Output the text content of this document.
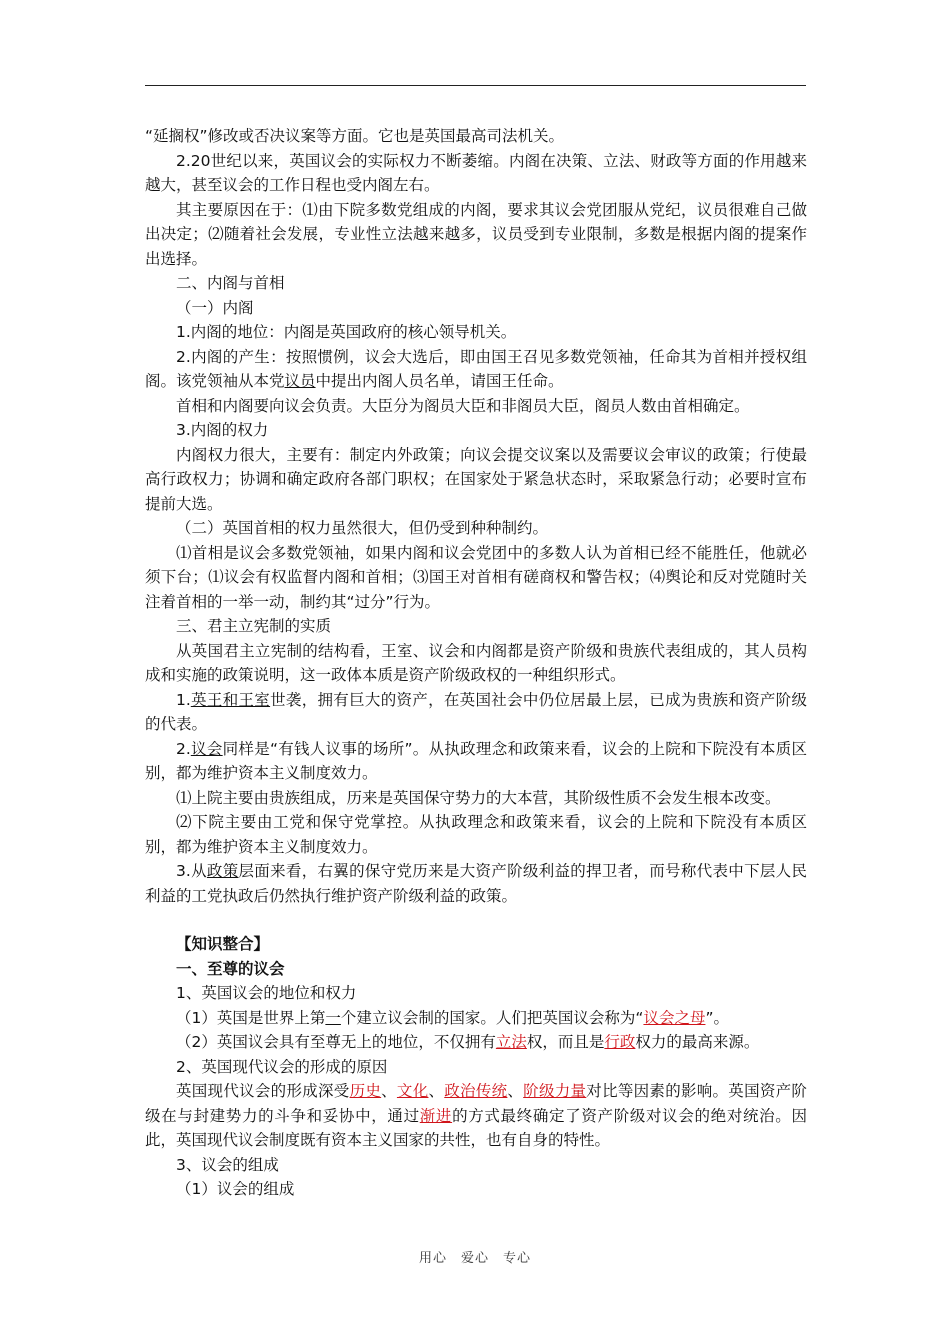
“延搁权”修改或否决议案等方面。它也是英国最高司法机关。

2.20世纪以来，英国议会的实际权力不断萎缩。内阁在决策、立法、财政等方面的作用越来越大，甚至议会的工作日程也受内阁左右。

其主要原因在于：⑴由下院多数党组成的内阁，要求其议会党团服从党纪，议员很难自己做出决定；⑵随着社会发展，专业性立法越来越多，议员受到专业限制，多数是根据内阁的提案作出选择。

二、内阁与首相

（一）内阁

1.内阁的地位：内阁是英国政府的核心领导机关。

2.内阁的产生：按照惯例，议会大选后，即由国王召见多数党领袖，任命其为首相并授权组阁。该党领袖从本党议员中提出内阁人员名单，请国王任命。

首相和内阁要向议会负责。大臣分为阁员大臣和非阁员大臣，阁员人数由首相确定。

3.内阁的权力

内阁权力很大，主要有：制定内外政策；向议会提交议案以及需要议会审议的政策；行使最高行政权力；协调和确定政府各部门职权；在国家处于紧急状态时，采取紧急行动；必要时宣布提前大选。

（二）英国首相的权力虽然很大，但仍受到种种制约。

⑴首相是议会多数党领袖，如果内阁和议会党团中的多数人认为首相已经不能胜任，他就必须下台；⑴议会有权监督内阁和首相；⑶国王对首相有磋商权和警告权；⑷舆论和反对党随时关注着首相的一举一动，制约其“过分”行为。

三、君主立宪制的实质

从英国君主立宪制的结构看，王室、议会和内阁都是资产阶级和贵族代表组成的，其人员构成和实施的政策说明，这一政体本质是资产阶级政权的一种组织形式。

1.英王和王室世袭，拥有巨大的资产，在英国社会中仍位居最上层，已成为贵族和资产阶级的代表。

2.议会同样是“有钱人议事的场所”。从执政理念和政策来看，议会的上院和下院没有本质区别，都为维护资本主义制度效力。

⑴上院主要由贵族组成，历来是英国保守势力的大本营，其阶级性质不会发生根本改变。

⑵下院主要由工党和保守党掌控。从执政理念和政策来看，议会的上院和下院没有本质区别，都为维护资本主义制度效力。

3.从政策层面来看，右翼的保守党历来是大资产阶级利益的捍卫者，而号称代表中下层人民利益的工党执政后仍然执行维护资产阶级利益的政策。

【知识整合】

一、至尊的议会

1、英国议会的地位和权力

（1）英国是世界上第一个建立议会制的国家。人们把英国议会称为“议会之母”。

（2）英国议会具有至尊无上的地位，不仅拥有立法权，而且是行政权力的最高来源。

2、英国现代议会的形成的原因

英国现代议会的形成深受历史、文化、政治传统、阶级力量对比等因素的影响。英国资产阶级在与封建势力的斗争和妥协中，通过渐进的方式最终确定了资产阶级对议会的绝对统治。因此，英国现代议会制度既有资本主义国家的共性，也有自身的特性。

3、议会的组成

（1）议会的组成

用心　爱心　专心
